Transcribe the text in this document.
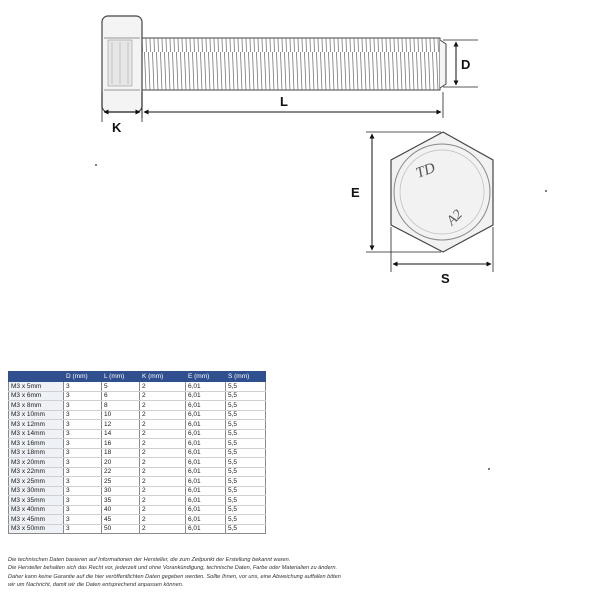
D
L
K
TD
A2
E
S
	D (mm)	L (mm)	K (mm)	E (mm)	S (mm)
M3 x 5mm	3	5	2	6,01	5,5
M3 x 6mm	3	6	2	6,01	5,5
M3 x 8mm	3	8	2	6,01	5,5
M3 x 10mm	3	10	2	6,01	5,5
M3 x 12mm	3	12	2	6,01	5,5
M3 x 14mm	3	14	2	6,01	5,5
M3 x 16mm	3	16	2	6,01	5,5
M3 x 18mm	3	18	2	6,01	5,5
M3 x 20mm	3	20	2	6,01	5,5
M3 x 22mm	3	22	2	6,01	5,5
M3 x 25mm	3	25	2	6,01	5,5
M3 x 30mm	3	30	2	6,01	5,5
M3 x 35mm	3	35	2	6,01	5,5
M3 x 40mm	3	40	2	6,01	5,5
M3 x 45mm	3	45	2	6,01	5,5
M3 x 50mm	3	50	2	6,01	5,5
Die technischen Daten basieren auf Informationen der Hersteller, die zum Zeitpunkt der Erstellung bekannt waren.
Die Hersteller behalten sich das Recht vor, jederzeit und ohne Vorankündigung, technische Daten, Farbe oder Materialien zu ändern.
Daher kann keine Garantie auf die hier veröffentlichten Daten gegeben werden. Sollte Ihnen, vor uns, eine Abweichung auffallen bitten
wir um Nachricht, damit wir die Daten entsprechend anpassen können.
